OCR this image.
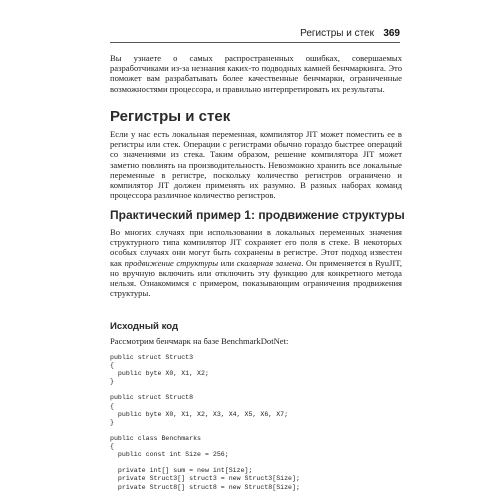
Регистры и стек 369

Вы узнаете о самых распространенных ошибках, совершаемых разработчиками из-за незнания каких-то подводных камней бенчмаркинга. Это поможет вам разрабатывать более качественные бенчмарки, ограниченные возможностями процессора, и правильно интерпретировать их результаты.

Регистры и стек

Если у нас есть локальная переменная, компилятор JIT может поместить ее в регистры или стек. Операции с регистрами обычно гораздо быстрее операций со значениями из стека. Таким образом, решение компилятора JIT может заметно повлиять на производительность. Невозможно хранить все локальные переменные в регистре, поскольку количество регистров ограничено и компилятор JIT должен применять их разумно. В разных наборах команд процессора различное количество регистров.

Практический пример 1: продвижение структуры

Во многих случаях при использовании в локальных переменных значения структурного типа компилятор JIT сохраняет его поля в стеке. В некоторых особых случаях они могут быть сохранены в регистре. Этот подход известен как продвижение структуры или скалярная замена. Он применяется в RyuJIT, но вручную включить или отключить эту функцию для конкретного метода нельзя. Ознакомимся с примером, показывающим ограничения продвижения структуры.

Исходный код

Рассмотрим бенчмарк на базе BenchmarkDotNet:

public struct Struct3
{
public byte X0, X1, X2;
}
public struct Struct8
{
public byte X0, X1, X2, X3, X4, X5, X6, X7;
}
public class Benchmarks
{
public const int Size = 256;
private int[] sum = new int[Size];
private Struct3[] struct3 = new Struct3[Size];
private Struct8[] struct8 = new Struct8[Size];
